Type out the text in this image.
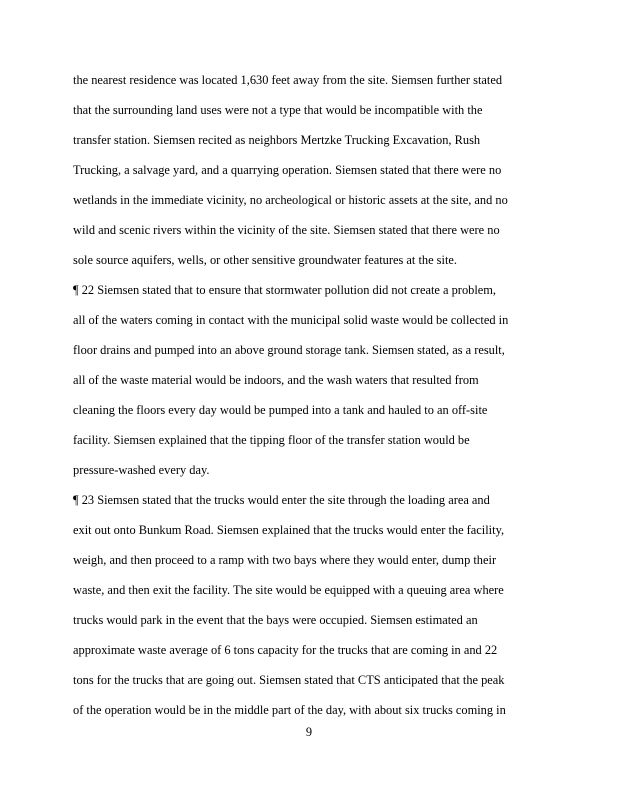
the nearest residence was located 1,630 feet away from the site. Siemsen further stated
that the surrounding land uses were not a type that would be incompatible with the
transfer station. Siemsen recited as neighbors Mertzke Trucking Excavation, Rush
Trucking, a salvage yard, and a quarrying operation. Siemsen stated that there were no
wetlands in the immediate vicinity, no archeological or historic assets at the site, and no
wild and scenic rivers within the vicinity of the site. Siemsen stated that there were no
sole source aquifers, wells, or other sensitive groundwater features at the site.
¶ 22 Siemsen stated that to ensure that stormwater pollution did not create a problem,
all of the waters coming in contact with the municipal solid waste would be collected in
floor drains and pumped into an above ground storage tank. Siemsen stated, as a result,
all of the waste material would be indoors, and the wash waters that resulted from
cleaning the floors every day would be pumped into a tank and hauled to an off-site
facility. Siemsen explained that the tipping floor of the transfer station would be
pressure-washed every day.
¶ 23 Siemsen stated that the trucks would enter the site through the loading area and
exit out onto Bunkum Road. Siemsen explained that the trucks would enter the facility,
weigh, and then proceed to a ramp with two bays where they would enter, dump their
waste, and then exit the facility. The site would be equipped with a queuing area where
trucks would park in the event that the bays were occupied. Siemsen estimated an
approximate waste average of 6 tons capacity for the trucks that are coming in and 22
tons for the trucks that are going out. Siemsen stated that CTS anticipated that the peak
of the operation would be in the middle part of the day, with about six trucks coming in
9
